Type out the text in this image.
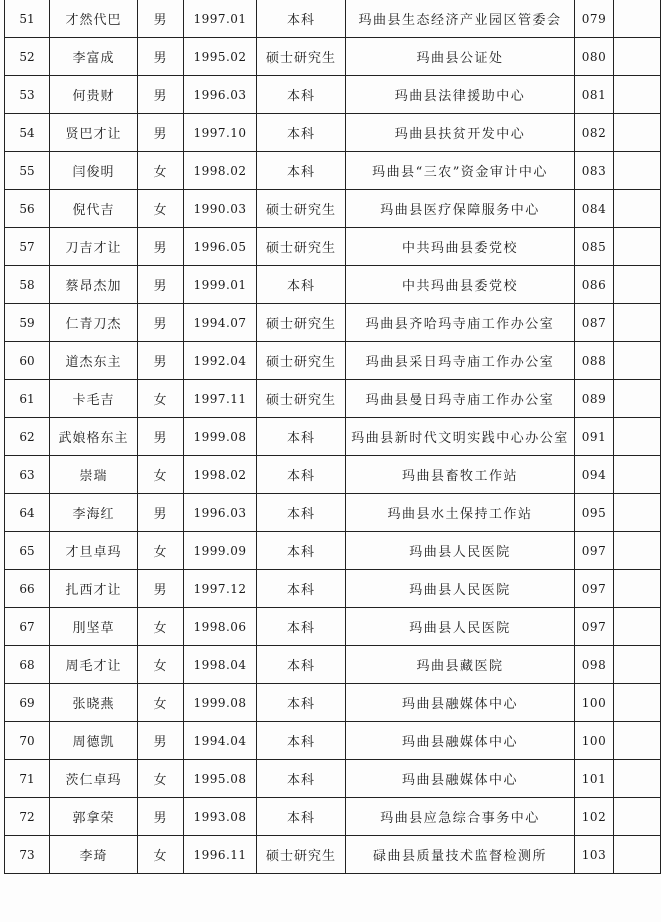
51	才然代巴	男	1997.01	本科	玛曲县生态经济产业园区管委会	079	
52	李富成	男	1995.02	硕士研究生	玛曲县公证处	080	
53	何贵财	男	1996.03	本科	玛曲县法律援助中心	081	
54	贤巴才让	男	1997.10	本科	玛曲县扶贫开发中心	082	
55	闫俊明	女	1998.02	本科	玛曲县“三农”资金审计中心	083	
56	倪代吉	女	1990.03	硕士研究生	玛曲县医疗保障服务中心	084	
57	刀吉才让	男	1996.05	硕士研究生	中共玛曲县委党校	085	
58	蔡昂杰加	男	1999.01	本科	中共玛曲县委党校	086	
59	仁青刀杰	男	1994.07	硕士研究生	玛曲县齐哈玛寺庙工作办公室	087	
60	道杰东主	男	1992.04	硕士研究生	玛曲县采日玛寺庙工作办公室	088	
61	卡毛吉	女	1997.11	硕士研究生	玛曲县曼日玛寺庙工作办公室	089	
62	武娘格东主	男	1999.08	本科	玛曲县新时代文明实践中心办公室	091	
63	崇瑞	女	1998.02	本科	玛曲县畜牧工作站	094	
64	李海红	男	1996.03	本科	玛曲县水土保持工作站	095	
65	才旦卓玛	女	1999.09	本科	玛曲县人民医院	097	
66	扎西才让	男	1997.12	本科	玛曲县人民医院	097	
67	刖坚草	女	1998.06	本科	玛曲县人民医院	097	
68	周毛才让	女	1998.04	本科	玛曲县藏医院	098	
69	张晓燕	女	1999.08	本科	玛曲县融媒体中心	100	
70	周德凯	男	1994.04	本科	玛曲县融媒体中心	100	
71	茨仁卓玛	女	1995.08	本科	玛曲县融媒体中心	101	
72	郭拿荣	男	1993.08	本科	玛曲县应急综合事务中心	102	
73	李琦	女	1996.11	硕士研究生	碌曲县质量技术监督检测所	103	
